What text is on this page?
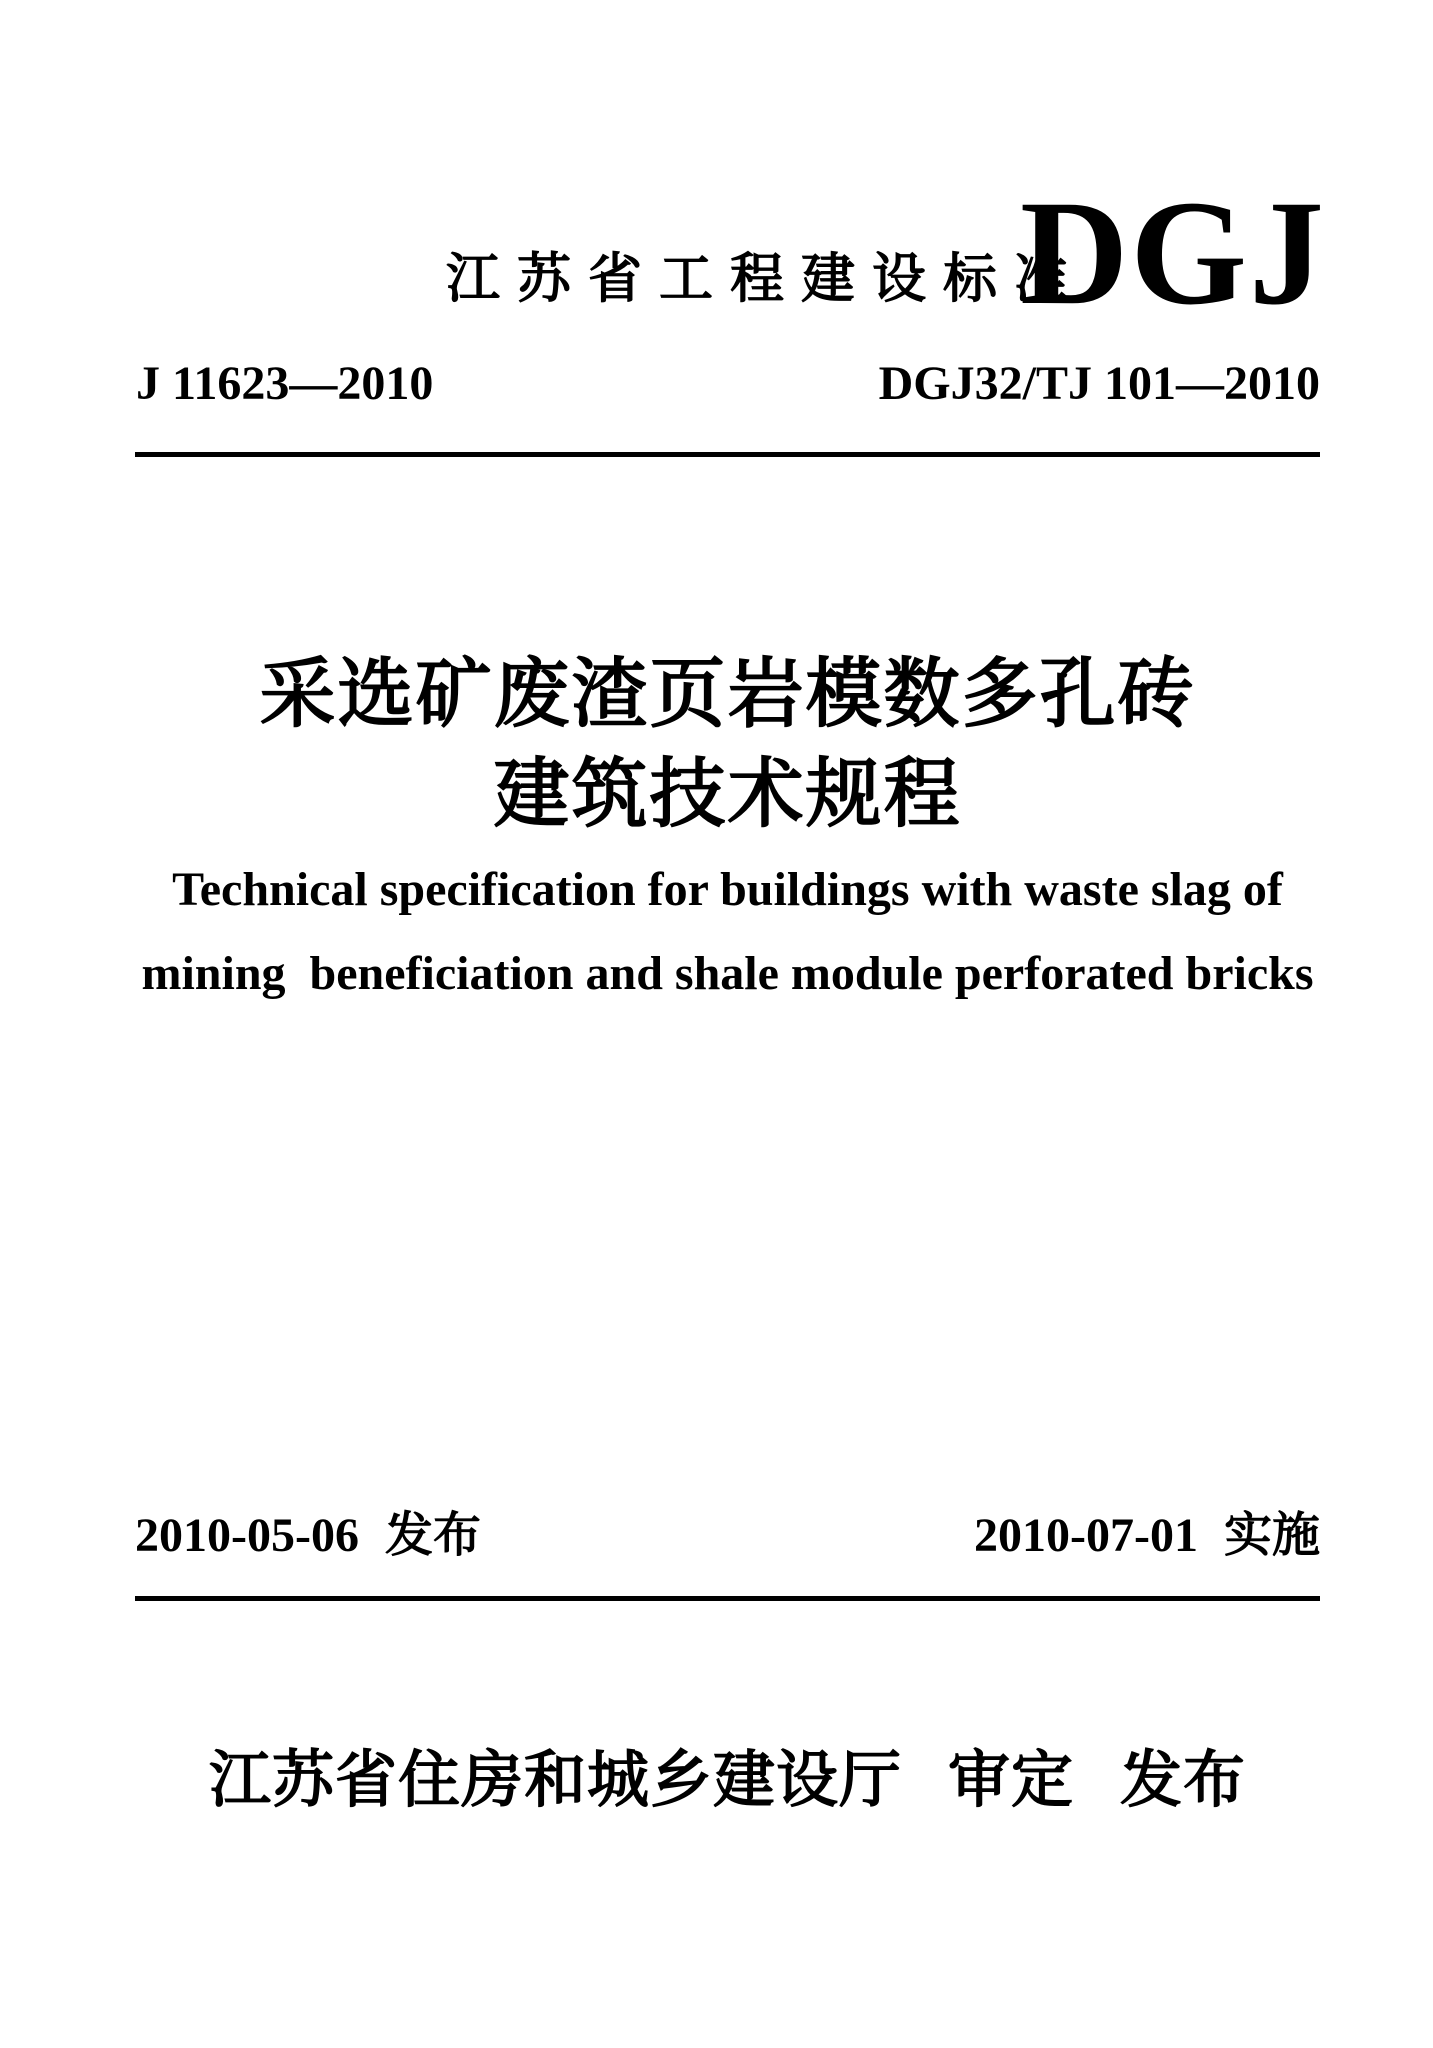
江苏省工程建设标准
DGJ
J 11623—2010	DGJ32/TJ 101—2010
采选矿废渣页岩模数多孔砖
建筑技术规程
Technical specification for buildings with waste slag of
mining  beneficiation and shale module perforated bricks
2010-05-06 发布	2010-07-01 实施
江苏省住房和城乡建设厅 审定 发布
